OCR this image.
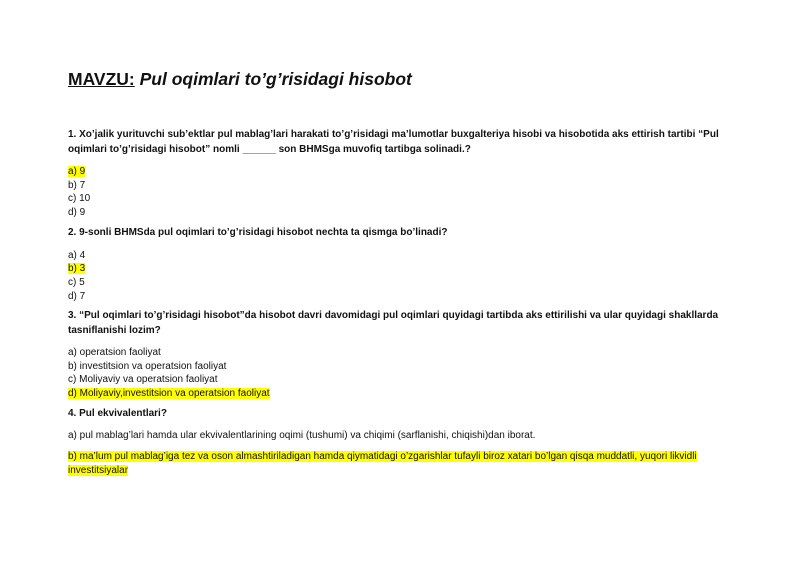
MAVZU: Pul oqimlari to’g’risidagi hisobot
1. Xo’jalik yurituvchi sub’ektlar pul mablag’lari harakati to’g’risidagi ma’lumotlar buxgalteriya hisobi va hisobotida aks ettirish tartibi “Pul oqimlari to’g’risidagi hisobot” nomli ______ son BHMSga muvofiq tartibga solinadi.?
a) 9
b) 7
c) 10
d) 9
2. 9-sonli BHMSda pul oqimlari to’g’risidagi hisobot nechta ta qismga bo’linadi?
a) 4
b) 3
c) 5
d) 7
3. “Pul oqimlari to’g’risidagi hisobot”da hisobot davri davomidagi pul oqimlari quyidagi tartibda aks ettirilishi va ular quyidagi shakllarda tasniflanishi lozim?
a) operatsion faoliyat
b) investitsion va operatsion faoliyat
c) Moliyaviy va operatsion faoliyat
d) Moliyaviy,investitsion va operatsion faoliyat
4. Pul ekvivalentlari?
a) pul mablag’lari hamda ular ekvivalentlarining oqimi (tushumi) va chiqimi (sarflanishi, chiqishi)dan iborat.
b) ma’lum pul mablag’iga tez va oson almashtiriladigan hamda qiymatidagi o’zgarishlar tufayli biroz xatari bo’lgan qisqa muddatli, yuqori likvidli investitsiyalar
